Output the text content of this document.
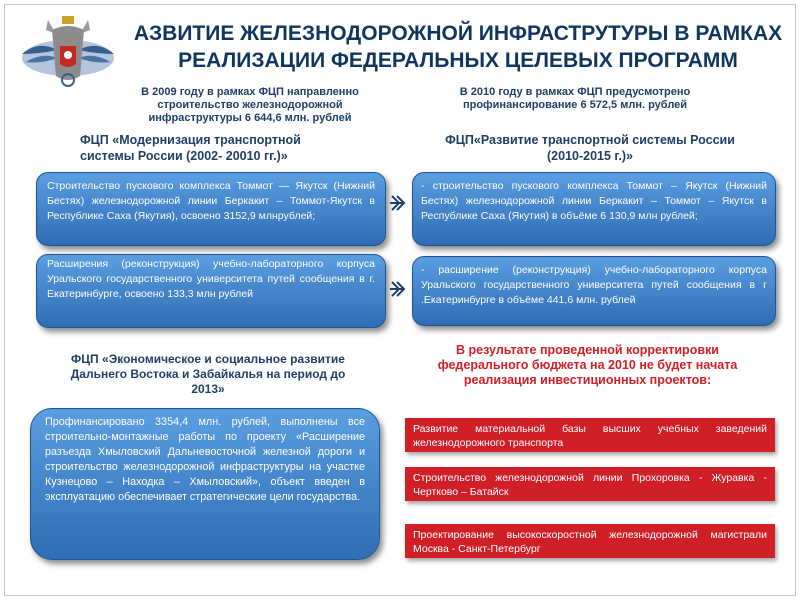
АЗВИТИЕ ЖЕЛЕЗНОДОРОЖНОЙ ИНФРАСТРУТУРЫ В РАМКАХ
РЕАЛИЗАЦИИ ФЕДЕРАЛЬНЫХ ЦЕЛЕВЫХ ПРОГРАММ
В 2009 году в рамках ФЦП направленно
строительство железнодорожной
инфраструктуры 6 644,6 млн. рублей
В 2010 году в рамках ФЦП предусмотрено
профинансирование 6 572,5 млн. рублей
ФЦП «Модернизация транспортной
системы России (2002- 20010 гг.)»
ФЦП«Развитие транспортной системы России
(2010-2015 г.)»
Строительство пускового комплекса Томмот — Якутск (Нижний Бестях) железнодорожной линии Беркакит – Томмот-Якутск в Республике Саха (Якутия), освоено 3152,9 млнрублей;
Расширения (реконструкция) учебно-лабораторного корпуса Уральского государственного университета путей сообщения в г. Екатеринбурге, освоено 133,3 млн рублей
- строительство пускового комплекса Томмот – Якутск (Нижний Бестях) железнодорожной линии Беркакит – Томмот – Якутск в Республике Саха (Якутия) в объёме 6 130,9 млн рублей;
- расширение (реконструкция) учебно-лабораторного корпуса Уральского государственного университета путей сообщения в г .Екатеринбурге в объёме 441,6 млн. рублей
ФЦП «Экономическое и социальное развитие
Дальнего Востока и Забайкалья на период до
2013»
Профинансировано 3354,4 млн. рублей, выполнены все строительно-монтажные работы по проекту «Расширение разъезда Хмыловский Дальневосточной железной дороги и строительство железнодорожной инфраструктуры на участке Кузнецово – Находка – Хмыловский», объект введен в эксплуатацию обеспечивает стратегические цели государства.
В результате проведенной корректировки
федерального бюджета на 2010 не будет начата
реализация инвестиционных проектов:
Развитие материальной базы высших учебных заведений железнодорожного транспорта
Строительство железнодорожной линии Прохоровка - Журавка - Чертково – Батайск
Проектирование высокоскоростной железнодорожной магистрали Москва - Санкт-Петербург
